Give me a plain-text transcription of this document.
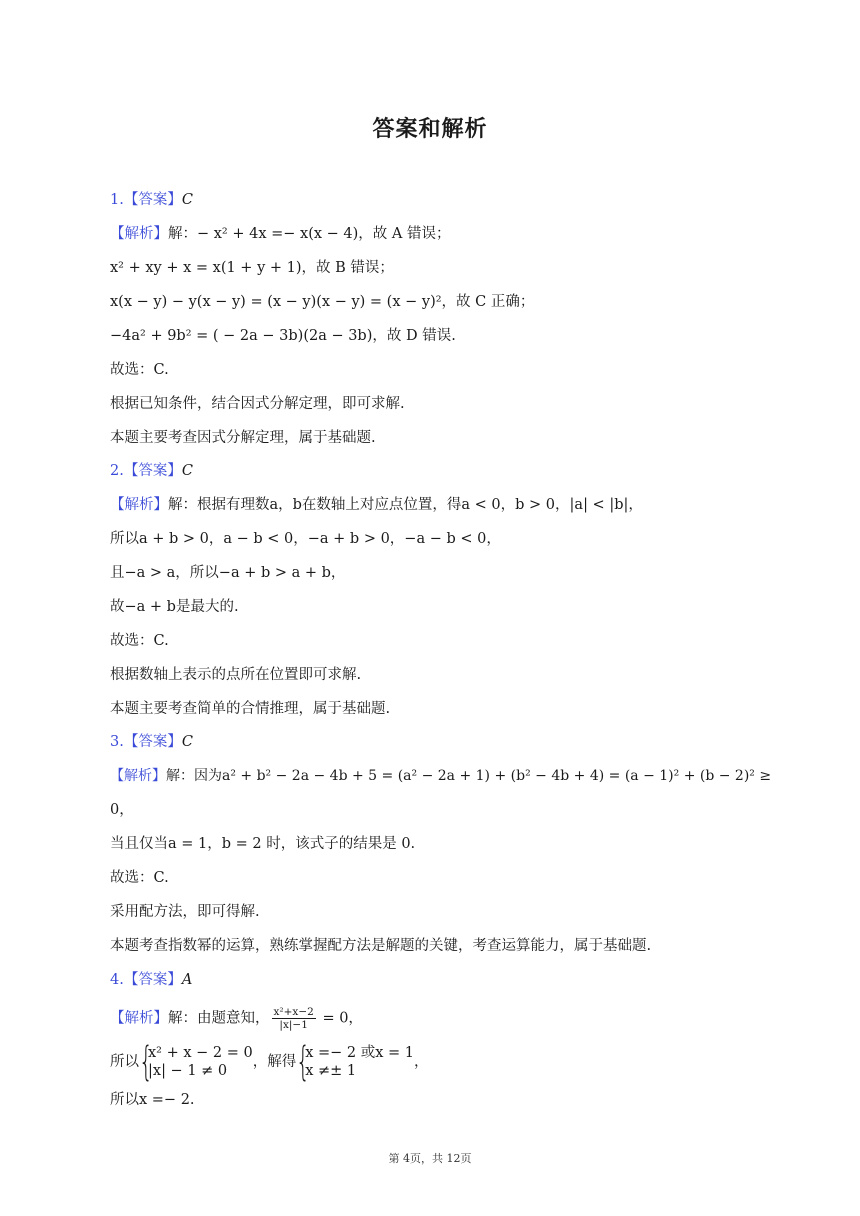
答案和解析
1.【答案】C
【解析】解：− x² + 4x =− x(x − 4)，故 A 错误；
x² + xy + x = x(1 + y + 1)，故 B 错误；
x(x − y) − y(x − y) = (x − y)(x − y) = (x − y)²，故 C 正确；
−4a² + 9b² = ( − 2a − 3b)(2a − 3b)，故 D 错误.
故选：C.
根据已知条件，结合因式分解定理，即可求解.
本题主要考查因式分解定理，属于基础题.
2.【答案】C
【解析】解：根据有理数a，b在数轴上对应点位置，得a < 0，b > 0，|a| < |b|，
所以a + b > 0，a − b < 0，−a + b > 0，−a − b < 0，
且−a > a，所以−a + b > a + b，
故−a + b是最大的.
故选：C.
根据数轴上表示的点所在位置即可求解.
本题主要考查简单的合情推理，属于基础题.
3.【答案】C
【解析】解：因为a² + b² − 2a − 4b + 5 = (a² − 2a + 1) + (b² − 4b + 4) = (a − 1)² + (b − 2)² ≥
0，
当且仅当a = 1，b = 2 时，该式子的结果是 0.
故选：C.
采用配方法，即可得解.
本题考查指数幂的运算，熟练掌握配方法是解题的关键，考查运算能力，属于基础题.
4.【答案】A
【解析】解：由题意知， $\frac{\text{x²+x−2}}{|x|-1} = 0$，
所以 {
x² + x − 2 = 0
|x| − 1 ≠ 0
，解得 {
x =− 2 或x = 1
x ≠± 1
，
所以x =− 2.
第 4页，共 12页
